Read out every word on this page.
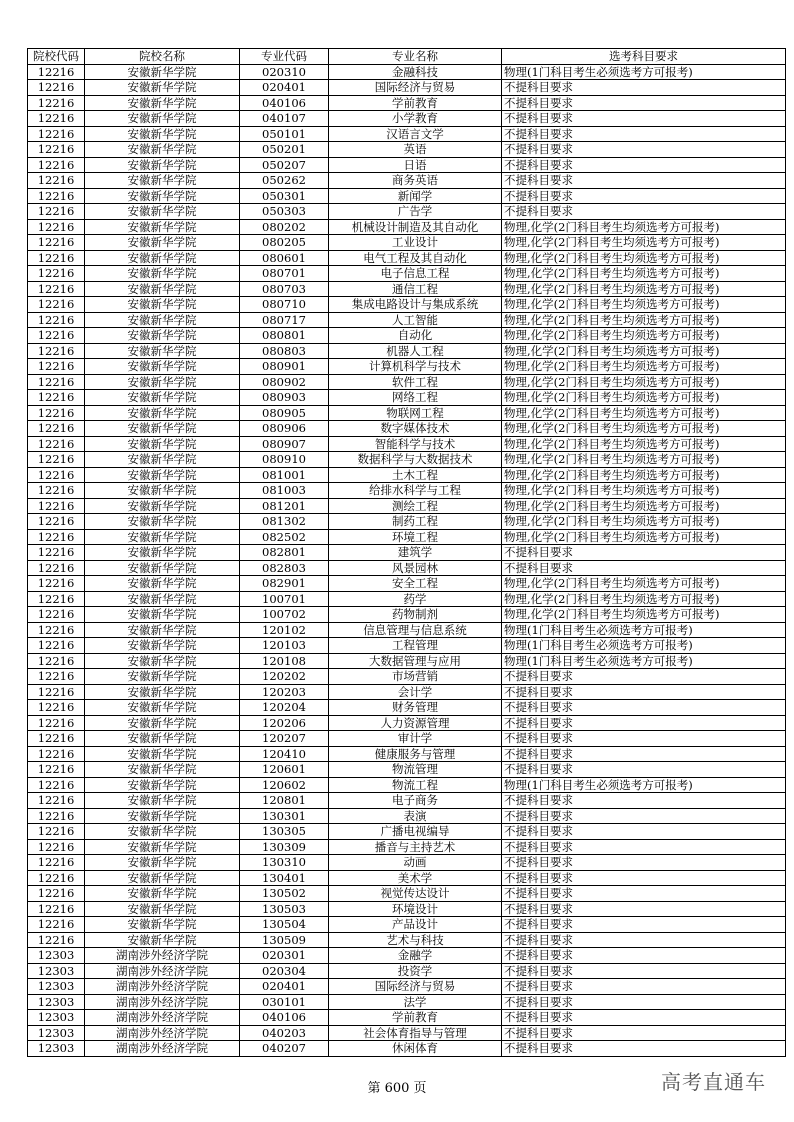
院校代码	院校名称	专业代码	专业名称	选考科目要求
12216	安徽新华学院	020310	金融科技	物理(1门科目考生必须选考方可报考)
12216	安徽新华学院	020401	国际经济与贸易	不提科目要求
12216	安徽新华学院	040106	学前教育	不提科目要求
12216	安徽新华学院	040107	小学教育	不提科目要求
12216	安徽新华学院	050101	汉语言文学	不提科目要求
12216	安徽新华学院	050201	英语	不提科目要求
12216	安徽新华学院	050207	日语	不提科目要求
12216	安徽新华学院	050262	商务英语	不提科目要求
12216	安徽新华学院	050301	新闻学	不提科目要求
12216	安徽新华学院	050303	广告学	不提科目要求
12216	安徽新华学院	080202	机械设计制造及其自动化	物理,化学(2门科目考生均须选考方可报考)
12216	安徽新华学院	080205	工业设计	物理,化学(2门科目考生均须选考方可报考)
12216	安徽新华学院	080601	电气工程及其自动化	物理,化学(2门科目考生均须选考方可报考)
12216	安徽新华学院	080701	电子信息工程	物理,化学(2门科目考生均须选考方可报考)
12216	安徽新华学院	080703	通信工程	物理,化学(2门科目考生均须选考方可报考)
12216	安徽新华学院	080710	集成电路设计与集成系统	物理,化学(2门科目考生均须选考方可报考)
12216	安徽新华学院	080717	人工智能	物理,化学(2门科目考生均须选考方可报考)
12216	安徽新华学院	080801	自动化	物理,化学(2门科目考生均须选考方可报考)
12216	安徽新华学院	080803	机器人工程	物理,化学(2门科目考生均须选考方可报考)
12216	安徽新华学院	080901	计算机科学与技术	物理,化学(2门科目考生均须选考方可报考)
12216	安徽新华学院	080902	软件工程	物理,化学(2门科目考生均须选考方可报考)
12216	安徽新华学院	080903	网络工程	物理,化学(2门科目考生均须选考方可报考)
12216	安徽新华学院	080905	物联网工程	物理,化学(2门科目考生均须选考方可报考)
12216	安徽新华学院	080906	数字媒体技术	物理,化学(2门科目考生均须选考方可报考)
12216	安徽新华学院	080907	智能科学与技术	物理,化学(2门科目考生均须选考方可报考)
12216	安徽新华学院	080910	数据科学与大数据技术	物理,化学(2门科目考生均须选考方可报考)
12216	安徽新华学院	081001	土木工程	物理,化学(2门科目考生均须选考方可报考)
12216	安徽新华学院	081003	给排水科学与工程	物理,化学(2门科目考生均须选考方可报考)
12216	安徽新华学院	081201	测绘工程	物理,化学(2门科目考生均须选考方可报考)
12216	安徽新华学院	081302	制药工程	物理,化学(2门科目考生均须选考方可报考)
12216	安徽新华学院	082502	环境工程	物理,化学(2门科目考生均须选考方可报考)
12216	安徽新华学院	082801	建筑学	不提科目要求
12216	安徽新华学院	082803	风景园林	不提科目要求
12216	安徽新华学院	082901	安全工程	物理,化学(2门科目考生均须选考方可报考)
12216	安徽新华学院	100701	药学	物理,化学(2门科目考生均须选考方可报考)
12216	安徽新华学院	100702	药物制剂	物理,化学(2门科目考生均须选考方可报考)
12216	安徽新华学院	120102	信息管理与信息系统	物理(1门科目考生必须选考方可报考)
12216	安徽新华学院	120103	工程管理	物理(1门科目考生必须选考方可报考)
12216	安徽新华学院	120108	大数据管理与应用	物理(1门科目考生必须选考方可报考)
12216	安徽新华学院	120202	市场营销	不提科目要求
12216	安徽新华学院	120203	会计学	不提科目要求
12216	安徽新华学院	120204	财务管理	不提科目要求
12216	安徽新华学院	120206	人力资源管理	不提科目要求
12216	安徽新华学院	120207	审计学	不提科目要求
12216	安徽新华学院	120410	健康服务与管理	不提科目要求
12216	安徽新华学院	120601	物流管理	不提科目要求
12216	安徽新华学院	120602	物流工程	物理(1门科目考生必须选考方可报考)
12216	安徽新华学院	120801	电子商务	不提科目要求
12216	安徽新华学院	130301	表演	不提科目要求
12216	安徽新华学院	130305	广播电视编导	不提科目要求
12216	安徽新华学院	130309	播音与主持艺术	不提科目要求
12216	安徽新华学院	130310	动画	不提科目要求
12216	安徽新华学院	130401	美术学	不提科目要求
12216	安徽新华学院	130502	视觉传达设计	不提科目要求
12216	安徽新华学院	130503	环境设计	不提科目要求
12216	安徽新华学院	130504	产品设计	不提科目要求
12216	安徽新华学院	130509	艺术与科技	不提科目要求
12303	湖南涉外经济学院	020301	金融学	不提科目要求
12303	湖南涉外经济学院	020304	投资学	不提科目要求
12303	湖南涉外经济学院	020401	国际经济与贸易	不提科目要求
12303	湖南涉外经济学院	030101	法学	不提科目要求
12303	湖南涉外经济学院	040106	学前教育	不提科目要求
12303	湖南涉外经济学院	040203	社会体育指导与管理	不提科目要求
12303	湖南涉外经济学院	040207	休闲体育	不提科目要求
第 600 页	高考直通车
